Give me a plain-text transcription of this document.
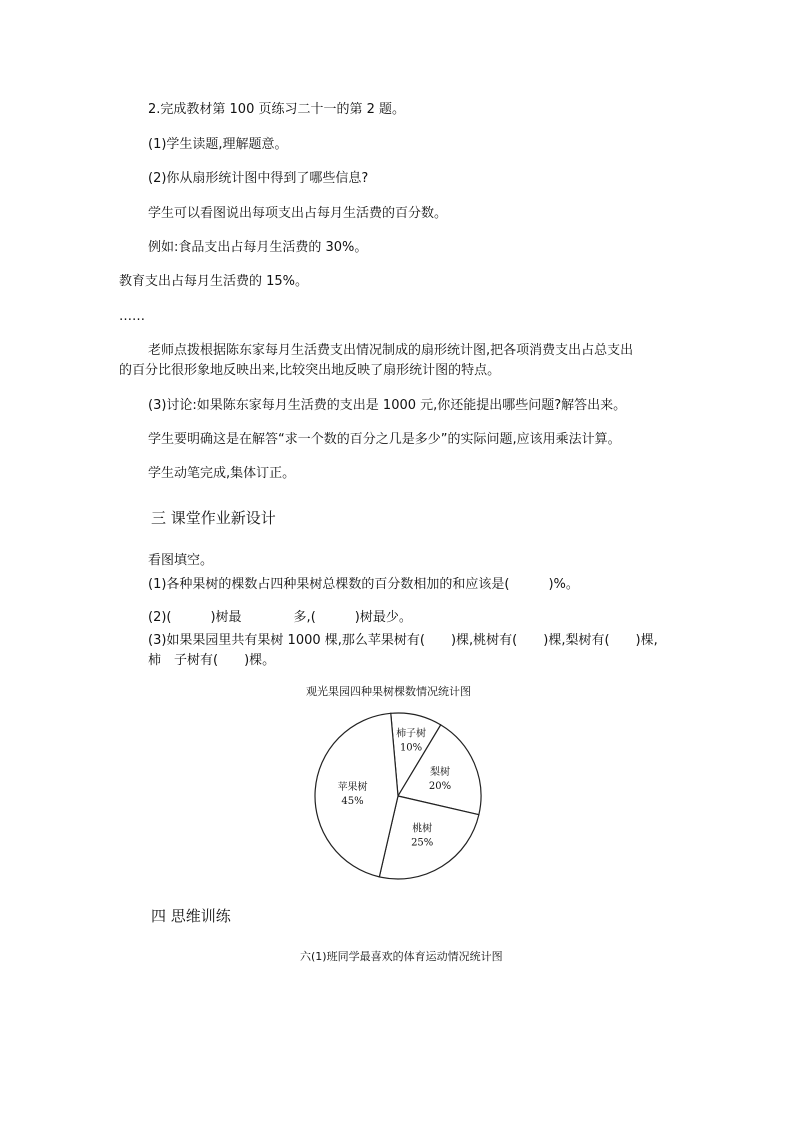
2.完成教材第 100 页练习二十一的第 2 题。
(1)学生读题,理解题意。
(2)你从扇形统计图中得到了哪些信息?
学生可以看图说出每项支出占每月生活费的百分数。
例如:食品支出占每月生活费的 30%。
教育支出占每月生活费的 15%。
……
老师点拨根据陈东家每月生活费支出情况制成的扇形统计图,把各项消费支出占总支出
的百分比很形象地反映出来,比较突出地反映了扇形统计图的特点。
(3)讨论:如果陈东家每月生活费的支出是 1000 元,你还能提出哪些问题?解答出来。
学生要明确这是在解答“求一个数的百分之几是多少”的实际问题,应该用乘法计算。
学生动笔完成,集体订正。
三 课堂作业新设计
看图填空。
(1)各种果树的棵数占四种果树总棵数的百分数相加的和应该是(　　　)%。
(2)(　　　)树最　　　　多,(　　　)树最少。
(3)如果果园里共有果树 1000 棵,那么苹果树有(　　)棵,桃树有(　　)棵,梨树有(　　)棵,
柿　子树有(　　)棵。
观光果园四种果树棵数情况统计图
柿子树
10%
梨树
20%
桃树
25%
苹果树
45%
四 思维训练
六(1)班同学最喜欢的体育运动情况统计图
